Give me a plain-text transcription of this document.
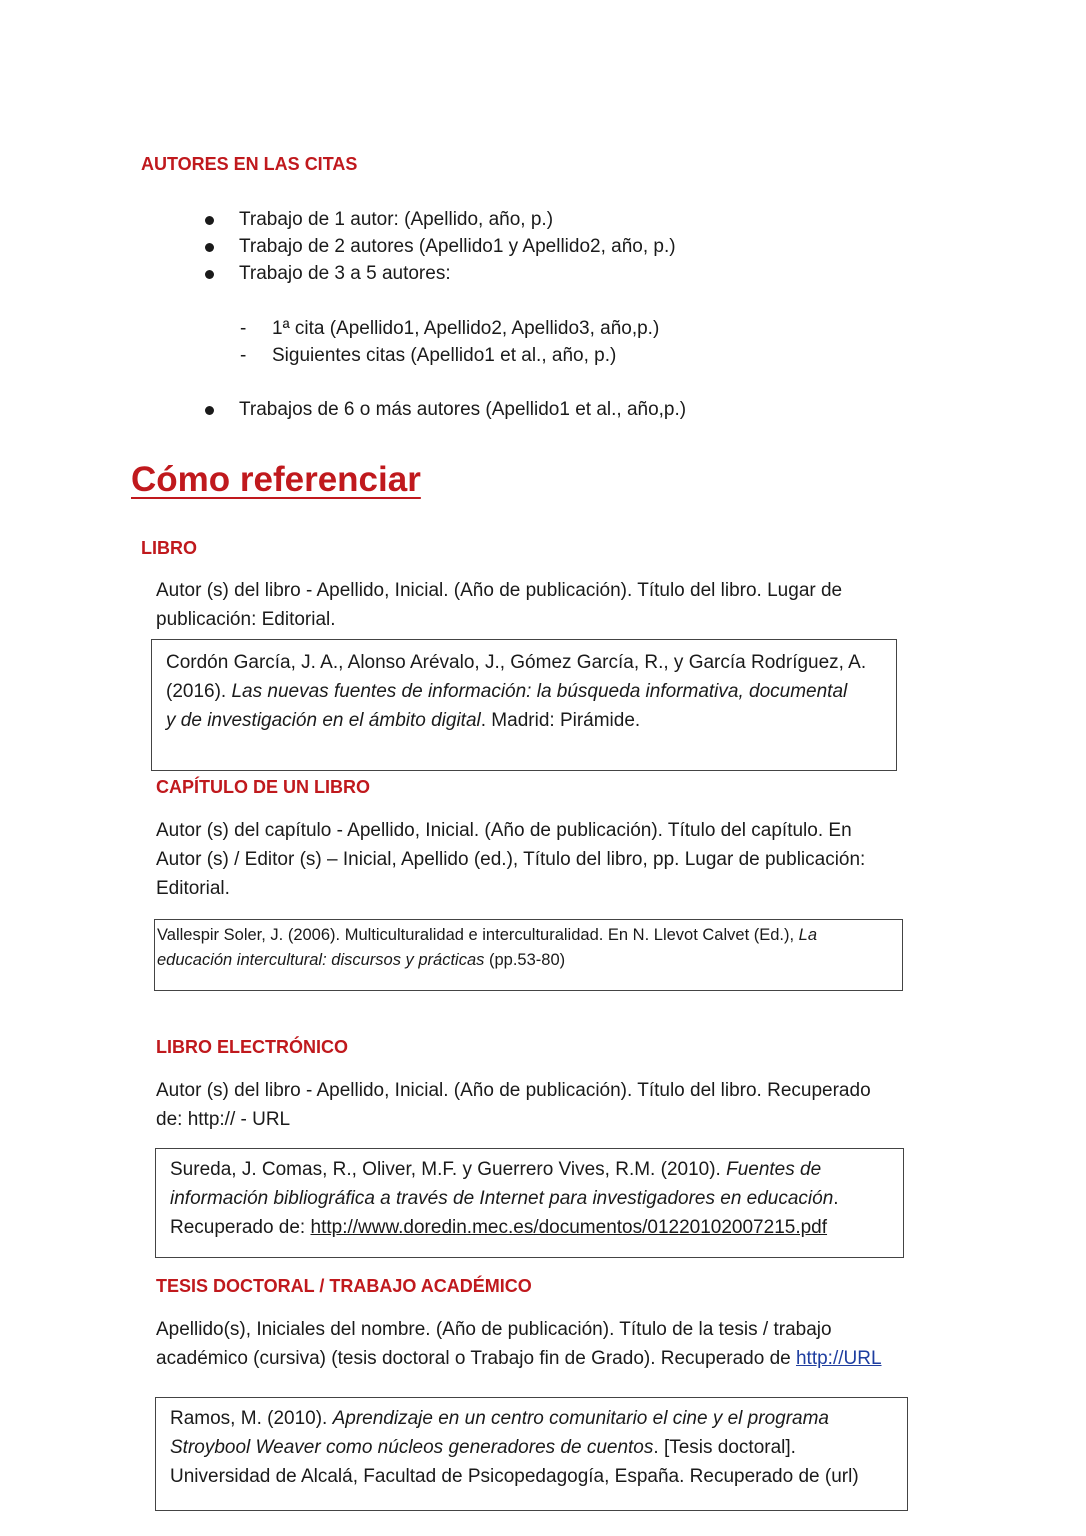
AUTORES EN LAS CITAS
Trabajo de 1 autor: (Apellido, año, p.)
Trabajo de 2 autores (Apellido1 y Apellido2, año, p.)
Trabajo de 3 a 5 autores:
- 1ª cita (Apellido1, Apellido2, Apellido3, año,p.)
- Siguientes citas (Apellido1 et al., año, p.)
Trabajos de 6 o más autores (Apellido1 et al., año,p.)
Cómo referenciar
LIBRO

Autor (s) del libro - Apellido, Inicial. (Año de publicación). Título del libro. Lugar de

publicación: Editorial.

Cordón García, J. A., Alonso Arévalo, J., Gómez García, R., y García Rodríguez, A.

(2016). Las nuevas fuentes de información: la búsqueda informativa, documental

y de investigación en el ámbito digital. Madrid: Pirámide.

CAPÍTULO DE UN LIBRO

Autor (s) del capítulo - Apellido, Inicial. (Año de publicación). Título del capítulo. En

Autor (s) / Editor (s) – Inicial, Apellido (ed.), Título del libro, pp. Lugar de publicación:

Editorial.

Vallespir Soler, J. (2006). Multiculturalidad e interculturalidad. En N. Llevot Calvet (Ed.), La

educación intercultural: discursos y prácticas (pp.53-80)

LIBRO ELECTRÓNICO

Autor (s) del libro - Apellido, Inicial. (Año de publicación). Título del libro. Recuperado

de: http:// - URL

Sureda, J. Comas, R., Oliver, M.F. y Guerrero Vives, R.M. (2010). Fuentes de

información bibliográfica a través de Internet para investigadores en educación.

Recuperado de: http://www.doredin.mec.es/documentos/01220102007215.pdf

TESIS DOCTORAL / TRABAJO ACADÉMICO

Apellido(s), Iniciales del nombre. (Año de publicación). Título de la tesis / trabajo

académico (cursiva) (tesis doctoral o Trabajo fin de Grado). Recuperado de http://URL

Ramos, M. (2010). Aprendizaje en un centro comunitario el cine y el programa

Stroybool Weaver como núcleos generadores de cuentos. [Tesis doctoral].

Universidad de Alcalá, Facultad de Psicopedagogía, España. Recuperado de (url)
